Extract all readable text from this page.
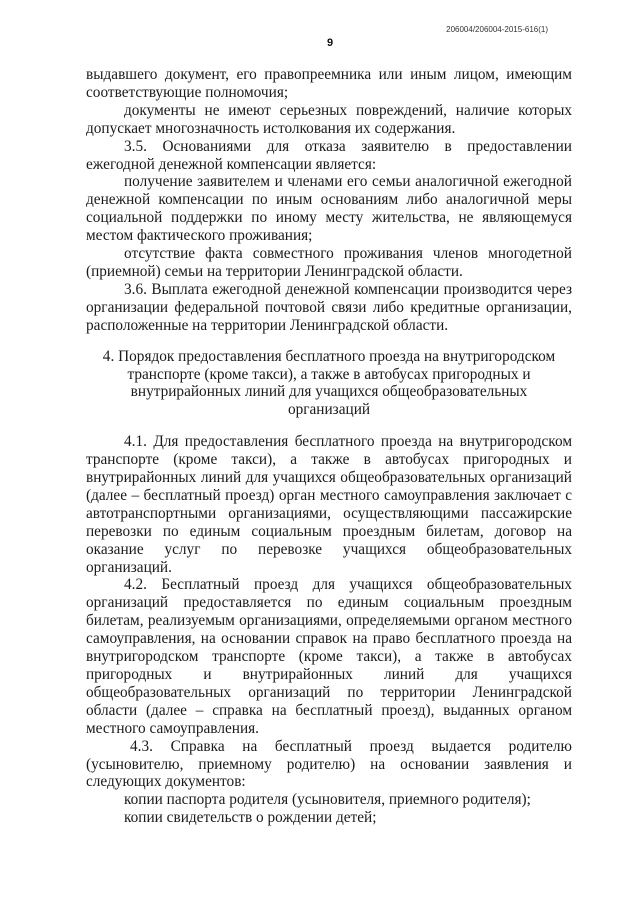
206004/206004-2015-616(1)
9

выдавшего документ, его правопреемника или иным лицом, имеющим соответствующие полномочия;

документы не имеют серьезных повреждений, наличие которых допускает многозначность истолкования их содержания.

3.5. Основаниями для отказа заявителю в предоставлении ежегодной денежной компенсации является:

получение заявителем и членами его семьи аналогичной ежегодной денежной компенсации по иным основаниям либо аналогичной меры социальной поддержки по иному месту жительства, не являющемуся местом фактического проживания;

отсутствие факта совместного проживания членов многодетной (приемной) семьи на территории Ленинградской области.

3.6. Выплата ежегодной денежной компенсации производится через организации федеральной почтовой связи либо кредитные организации, расположенные на территории Ленинградской области.

4. Порядок предоставления бесплатного проезда на внутригородском транспорте (кроме такси), а также в автобусах пригородных и внутрирайонных линий для учащихся общеобразовательных организаций

4.1. Для предоставления бесплатного проезда на внутригородском транспорте (кроме такси), а также в автобусах пригородных и внутрирайонных линий для учащихся общеобразовательных организаций (далее – бесплатный проезд) орган местного самоуправления заключает с автотранспортными организациями, осуществляющими пассажирские перевозки по единым социальным проездным билетам, договор на оказание услуг по перевозке учащихся общеобразовательных организаций.

4.2. Бесплатный проезд для учащихся общеобразовательных организаций предоставляется по единым социальным проездным билетам, реализуемым организациями, определяемыми органом местного самоуправления, на основании справок на право бесплатного проезда на внутригородском транспорте (кроме такси), а также в автобусах пригородных и внутрирайонных линий для учащихся общеобразовательных организаций по территории Ленинградской области (далее – справка на бесплатный проезд), выданных органом местного самоуправления.

4.3. Справка на бесплатный проезд выдается родителю (усыновителю, приемному родителю) на основании заявления и следующих документов:

копии паспорта родителя (усыновителя, приемного родителя);

копии свидетельств о рождении детей;
